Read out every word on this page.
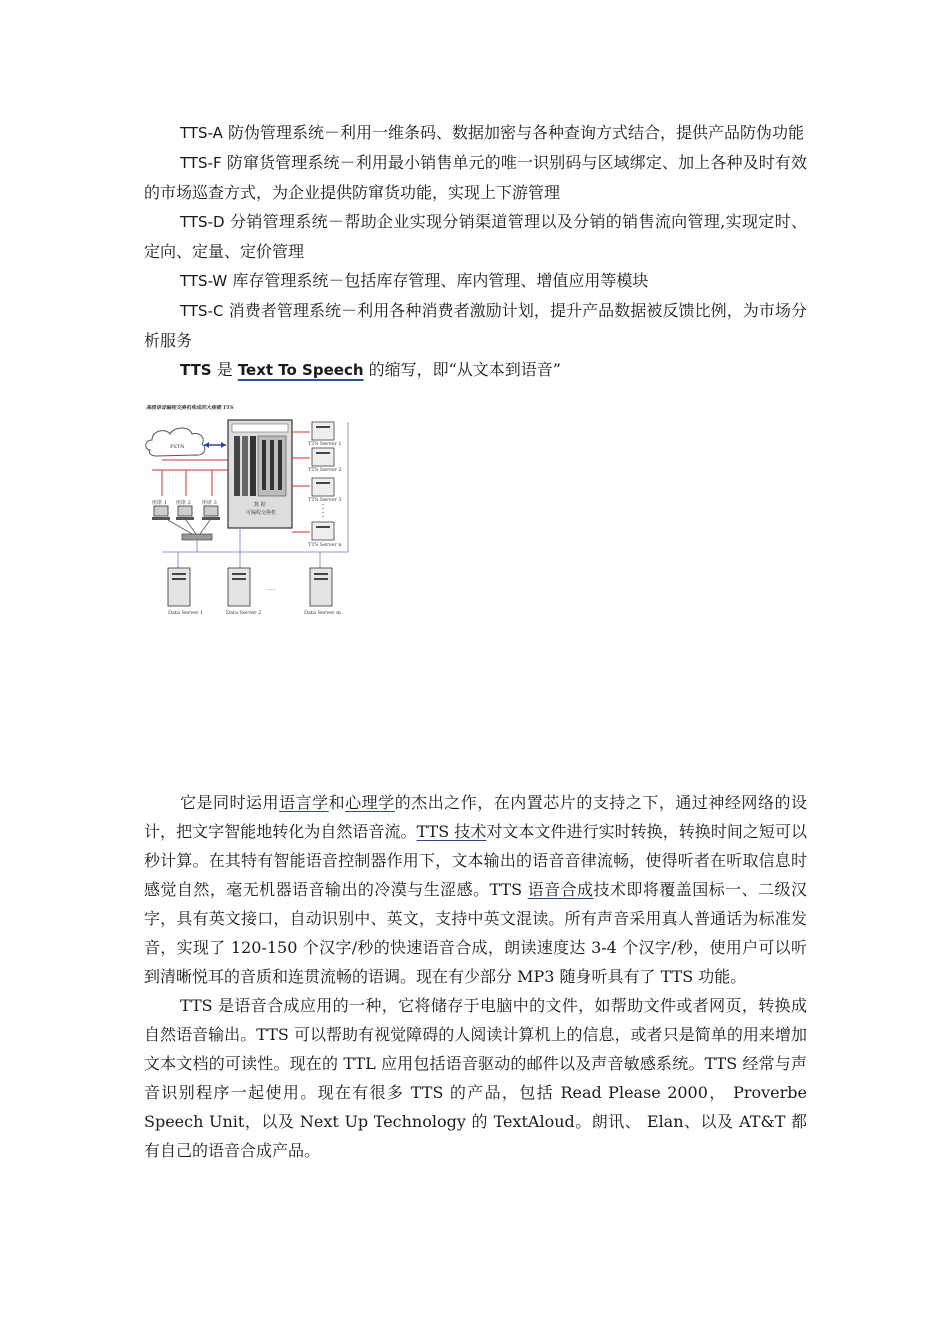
TTS-A 防伪管理系统－利用一维条码、数据加密与各种查询方式结合，提供产品防伪功能

TTS-F 防窜货管理系统－利用最小销售单元的唯一识别码与区域绑定、加上各种及时有效的市场巡查方式，为企业提供防窜货功能，实现上下游管理

TTS-D 分销管理系统－帮助企业实现分销渠道管理以及分销的销售流向管理,实现定时、定向、定量、定价管理

TTS-W 库存管理系统－包括库存管理、库内管理、增值应用等模块

TTS-C 消费者管理系统－利用各种消费者激励计划，提升产品数据被反馈比例，为市场分析服务

TTS 是 Text To Speech 的缩写，即“从文本到语音”

高级语音编程交换机构成的大规模 TTS
PSTN
数 据
可编程交换机
TTS Server 1
TTS Server 2
TTS Server 3
TTS Server n
座席 1 座席 2 座席 3
......
Data Server 1	Data Server 2	Data Server m

它是同时运用语言学和心理学的杰出之作，在内置芯片的支持之下，通过神经网络的设计，把文字智能地转化为自然语音流。TTS 技术对文本文件进行实时转换，转换时间之短可以秒计算。在其特有智能语音控制器作用下，文本输出的语音音律流畅，使得听者在听取信息时感觉自然，毫无机器语音输出的冷漠与生涩感。TTS 语音合成技术即将覆盖国标一、二级汉字，具有英文接口，自动识别中、英文，支持中英文混读。所有声音采用真人普通话为标准发音，实现了 120-150 个汉字/秒的快速语音合成，朗读速度达 3-4 个汉字/秒，使用户可以听到清晰悦耳的音质和连贯流畅的语调。现在有少部分 MP3 随身听具有了 TTS 功能。

TTS 是语音合成应用的一种，它将储存于电脑中的文件，如帮助文件或者网页，转换成自然语音输出。TTS 可以帮助有视觉障碍的人阅读计算机上的信息，或者只是简单的用来增加文本文档的可读性。现在的 TTL 应用包括语音驱动的邮件以及声音敏感系统。TTS 经常与声音识别程序一起使用。现在有很多 TTS 的产品，包括 Read Please 2000， Proverbe Speech Unit，以及 Next Up Technology 的 TextAloud。朗讯、 Elan、以及 AT&T 都有自己的语音合成产品。
